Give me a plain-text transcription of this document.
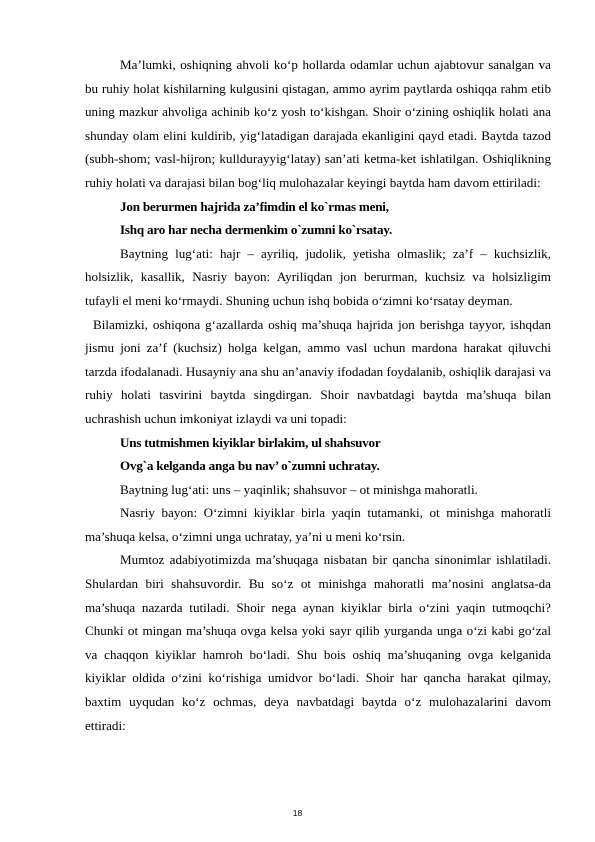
Ma’lumki, oshiqning ahvoli ko‘p hollarda odamlar uchun ajabtovur sanalgan va bu ruhiy holat kishilarning kulgusini qistagan, ammo ayrim paytlarda oshiqqa rahm etib uning mazkur ahvoliga achinib ko‘z yosh to‘kishgan. Shoir o‘zining oshiqlik holati ana shunday olam elini kuldirib, yig‘latadigan darajada ekanligini qayd etadi. Baytda tazod (subh-shom; vasl-hijron; kulldurayyig‘latay) san’ati ketma-ket ishlatilgan. Oshiqlikning ruhiy holati va darajasi bilan bog‘liq mulohazalar keyingi baytda ham davom ettiriladi:

Jon berurmen hajrida za’fimdin el ko`rmas meni,

Ishq aro har necha dermenkim o`zumni ko`rsatay.

Baytning lug‘ati: hajr – ayriliq, judolik, yetisha olmaslik; za’f – kuchsizlik, holsizlik, kasallik, Nasriy bayon: Ayriliqdan jon berurman, kuchsiz va holsizligim tufayli el meni ko‘rmaydi. Shuning uchun ishq bobida o‘zimni ko‘rsatay deyman.

Bilamizki, oshiqona g‘azallarda oshiq ma’shuqa hajrida jon berishga tayyor, ishqdan jismu joni za’f (kuchsiz) holga kelgan, ammo vasl uchun mardona harakat qiluvchi tarzda ifodalanadi. Husayniy ana shu an’anaviy ifodadan foydalanib, oshiqlik darajasi va ruhiy holati tasvirini baytda singdirgan. Shoir navbatdagi baytda ma’shuqa bilan uchrashish uchun imkoniyat izlaydi va uni topadi:

Uns tutmishmen kiyiklar birlakim, ul shahsuvor

Ovg`a kelganda anga bu nav’ o`zumni uchratay.

Baytning lug‘ati: uns – yaqinlik; shahsuvor – ot minishga mahoratli.

Nasriy bayon: O‘zimni kiyiklar birla yaqin tutamanki, ot minishga mahoratli ma’shuqa kelsa, o‘zimni unga uchratay, ya’ni u meni ko‘rsin.

Mumtoz adabiyotimizda ma’shuqaga nisbatan bir qancha sinonimlar ishlatiladi. Shulardan biri shahsuvordir. Bu so‘z ot minishga mahoratli ma’nosini anglatsa-da ma’shuqa nazarda tutiladi. Shoir nega aynan kiyiklar birla o‘zini yaqin tutmoqchi? Chunki ot mingan ma’shuqa ovga kelsa yoki sayr qilib yurganda unga o‘zi kabi go‘zal va chaqqon kiyiklar hamroh bo‘ladi. Shu bois oshiq ma’shuqaning ovga kelganida kiyiklar oldida o‘zini ko‘rishiga umidvor bo‘ladi. Shoir har qancha harakat qilmay, baxtim uyqudan ko‘z ochmas, deya navbatdagi baytda o‘z mulohazalarini davom ettiradi:

18
